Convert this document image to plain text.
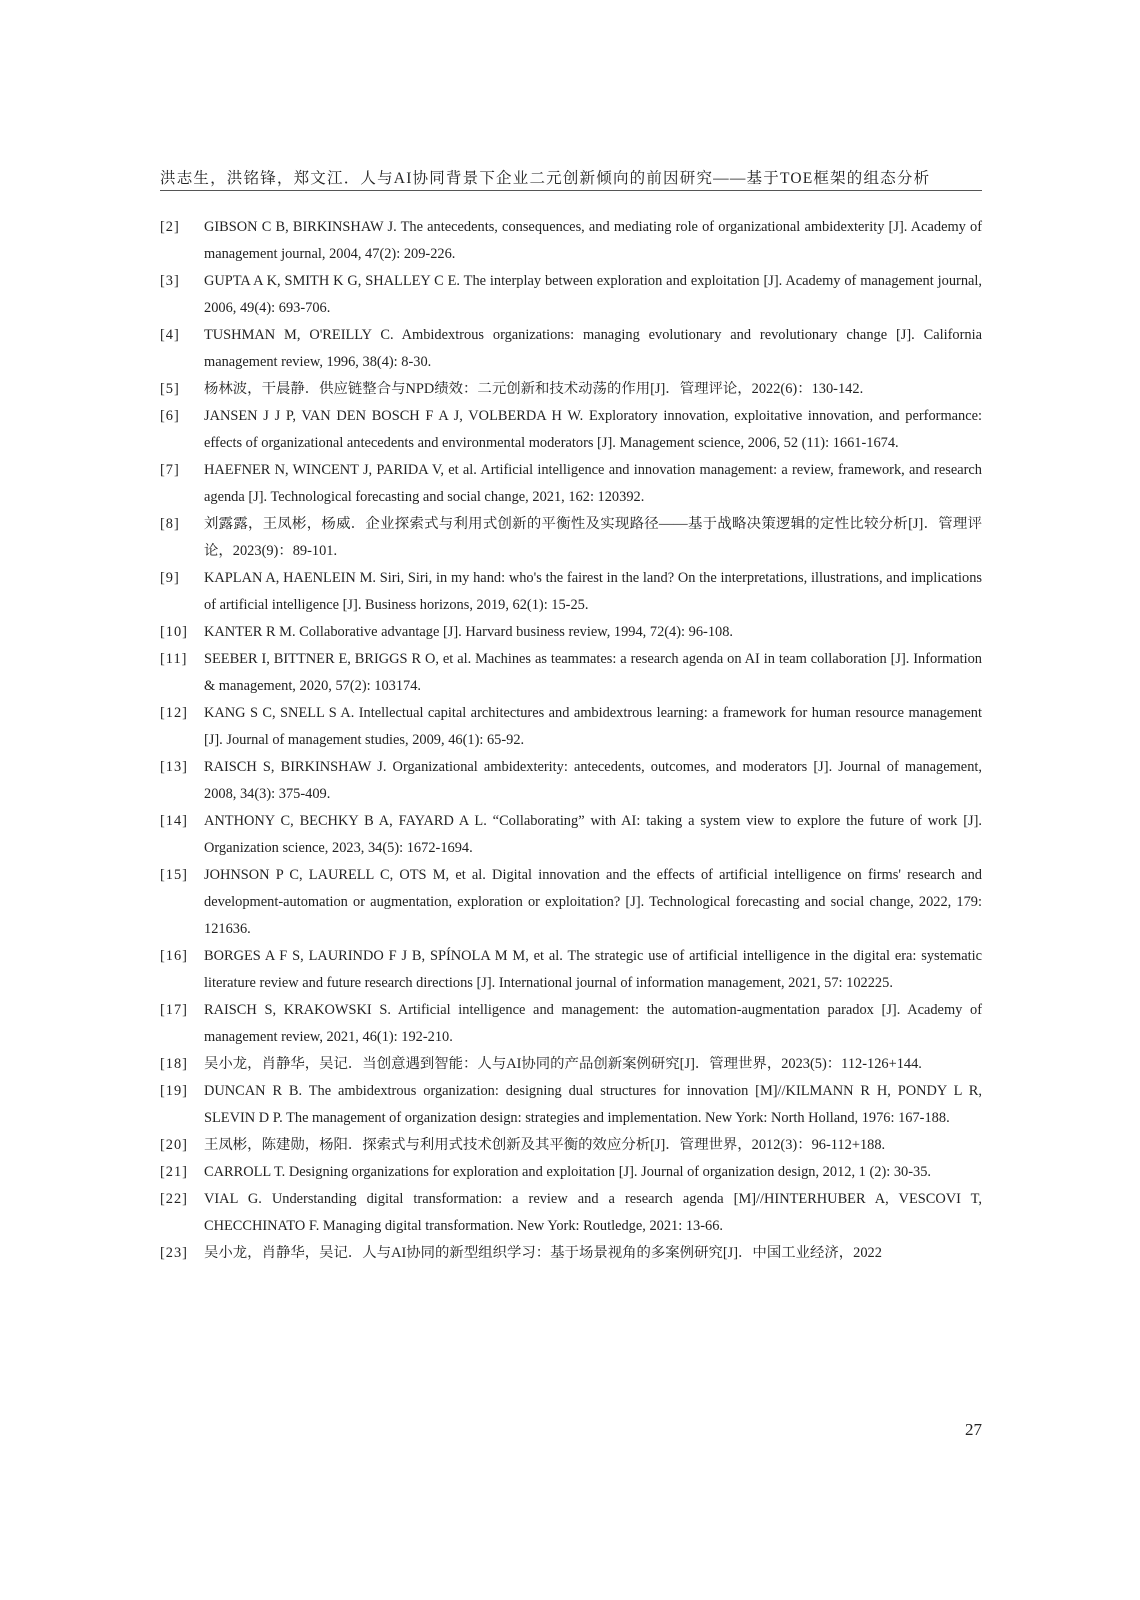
洪志生，洪铭锋，郑文江．人与AI协同背景下企业二元创新倾向的前因研究——基于TOE框架的组态分析

[2] GIBSON C B, BIRKINSHAW J. The antecedents, consequences, and mediating role of organizational ambidexterity [J]. Academy of management journal, 2004, 47(2): 209-226.

[3] GUPTA A K, SMITH K G, SHALLEY C E. The interplay between exploration and exploitation [J]. Academy of management journal, 2006, 49(4): 693-706.

[4] TUSHMAN M, O'REILLY C. Ambidextrous organizations: managing evolutionary and revolutionary change [J]. California management review, 1996, 38(4): 8-30.

[5] 杨林波，干晨静．供应链整合与NPD绩效：二元创新和技术动荡的作用[J]．管理评论，2022(6)：130-142.

[6] JANSEN J J P, VAN DEN BOSCH F A J, VOLBERDA H W. Exploratory innovation, exploitative innovation, and performance: effects of organizational antecedents and environmental moderators [J]. Management science, 2006, 52 (11): 1661-1674.

[7] HAEFNER N, WINCENT J, PARIDA V, et al. Artificial intelligence and innovation management: a review, framework, and research agenda [J]. Technological forecasting and social change, 2021, 162: 120392.

[8] 刘露露，王凤彬，杨威．企业探索式与利用式创新的平衡性及实现路径——基于战略决策逻辑的定性比较分析[J]．管理评论，2023(9)：89-101.

[9] KAPLAN A, HAENLEIN M. Siri, Siri, in my hand: who's the fairest in the land? On the interpretations, illustrations, and implications of artificial intelligence [J]. Business horizons, 2019, 62(1): 15-25.

[10] KANTER R M. Collaborative advantage [J]. Harvard business review, 1994, 72(4): 96-108.

[11] SEEBER I, BITTNER E, BRIGGS R O, et al. Machines as teammates: a research agenda on AI in team collaboration [J]. Information & management, 2020, 57(2): 103174.

[12] KANG S C, SNELL S A. Intellectual capital architectures and ambidextrous learning: a framework for human resource management [J]. Journal of management studies, 2009, 46(1): 65-92.

[13] RAISCH S, BIRKINSHAW J. Organizational ambidexterity: antecedents, outcomes, and moderators [J]. Journal of management, 2008, 34(3): 375-409.

[14] ANTHONY C, BECHKY B A, FAYARD A L. “Collaborating” with AI: taking a system view to explore the future of work [J]. Organization science, 2023, 34(5): 1672-1694.

[15] JOHNSON P C, LAURELL C, OTS M, et al. Digital innovation and the effects of artificial intelligence on firms' research and development-automation or augmentation, exploration or exploitation? [J]. Technological forecasting and social change, 2022, 179: 121636.

[16] BORGES A F S, LAURINDO F J B, SPÍNOLA M M, et al. The strategic use of artificial intelligence in the digital era: systematic literature review and future research directions [J]. International journal of information management, 2021, 57: 102225.

[17] RAISCH S, KRAKOWSKI S. Artificial intelligence and management: the automation-augmentation paradox [J]. Academy of management review, 2021, 46(1): 192-210.

[18] 吴小龙，肖静华，吴记．当创意遇到智能：人与AI协同的产品创新案例研究[J]．管理世界，2023(5)：112-126+144.

[19] DUNCAN R B. The ambidextrous organization: designing dual structures for innovation [M]//KILMANN R H, PONDY L R, SLEVIN D P. The management of organization design: strategies and implementation. New York: North Holland, 1976: 167-188.

[20] 王凤彬，陈建勋，杨阳．探索式与利用式技术创新及其平衡的效应分析[J]．管理世界，2012(3)：96-112+188.

[21] CARROLL T. Designing organizations for exploration and exploitation [J]. Journal of organization design, 2012, 1 (2): 30-35.

[22] VIAL G. Understanding digital transformation: a review and a research agenda [M]//HINTERHUBER A, VESCOVI T, CHECCHINATO F. Managing digital transformation. New York: Routledge, 2021: 13-66.

[23] 吴小龙，肖静华，吴记．人与AI协同的新型组织学习：基于场景视角的多案例研究[J]．中国工业经济，2022

27
